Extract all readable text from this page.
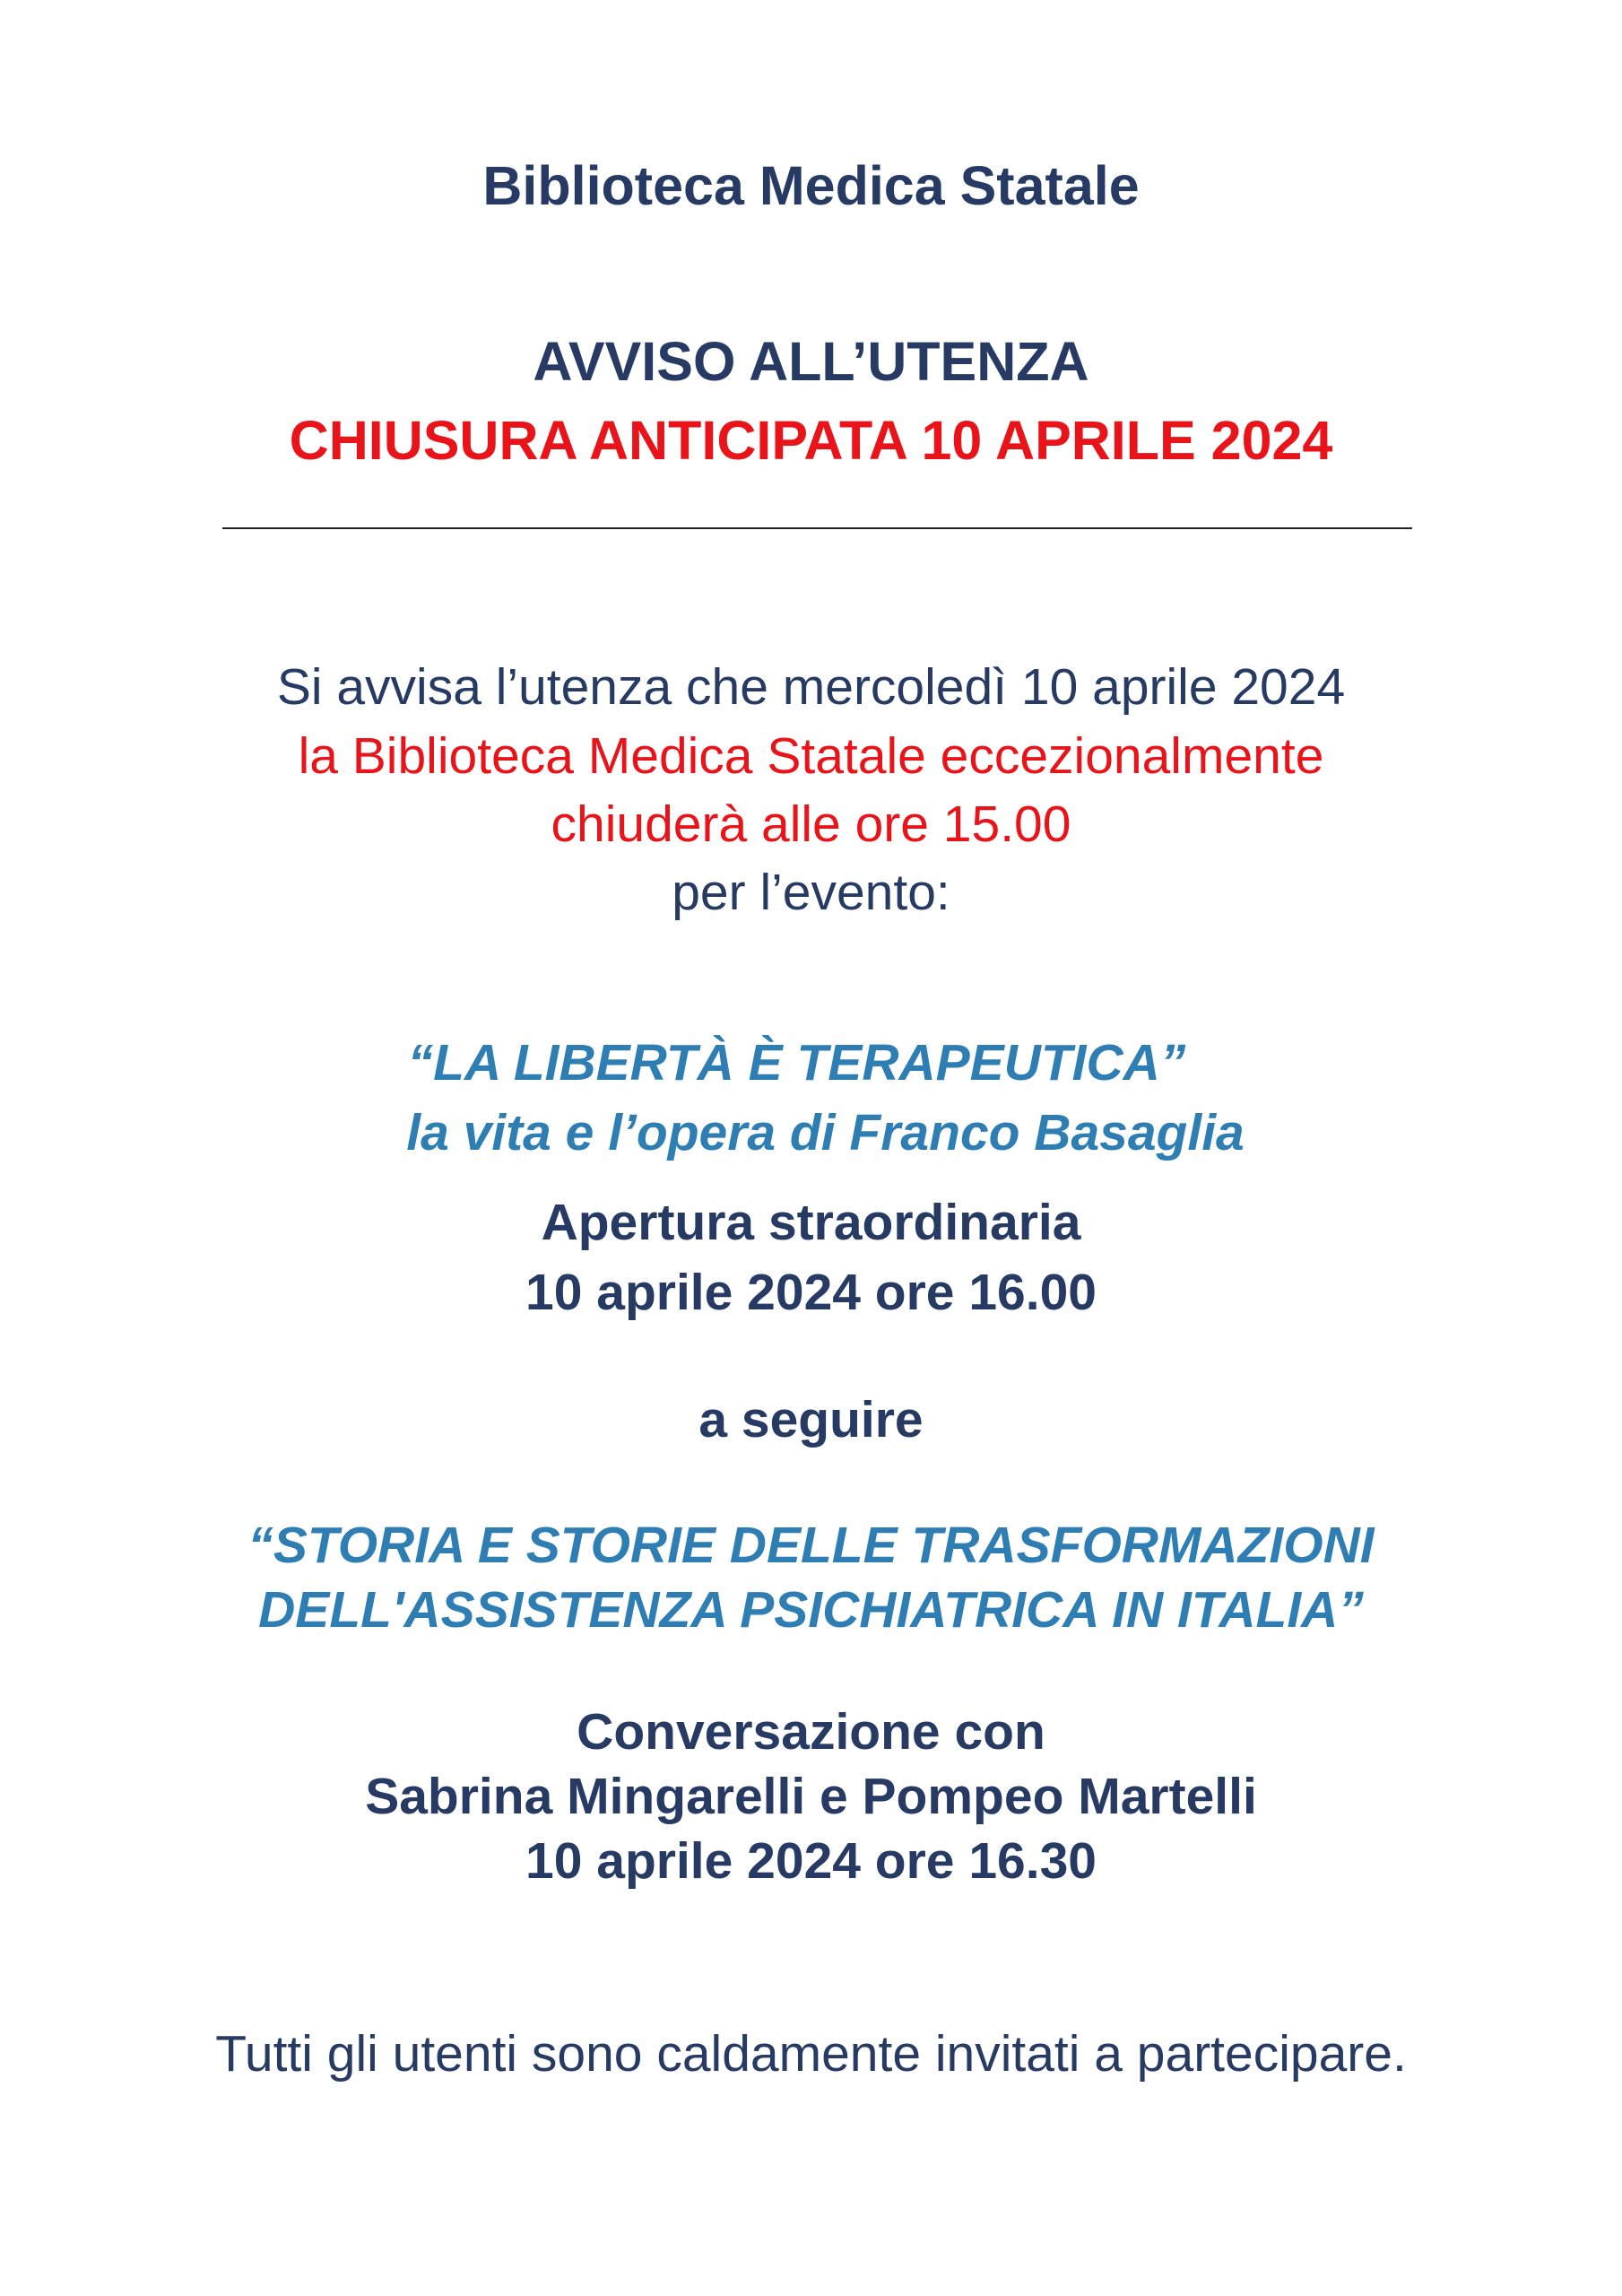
Biblioteca Medica Statale

AVVISO ALL’UTENZA

CHIUSURA ANTICIPATA 10 APRILE 2024

Si avvisa l’utenza che mercoledì 10 aprile 2024

la Biblioteca Medica Statale eccezionalmente

chiuderà alle ore 15.00

per l’evento:

“LA LIBERTÀ È TERAPEUTICA”

la vita e l’opera di Franco Basaglia

Apertura straordinaria

10 aprile 2024 ore 16.00

a seguire

“STORIA E STORIE DELLE TRASFORMAZIONI

DELL'ASSISTENZA PSICHIATRICA IN ITALIA”

Conversazione con

Sabrina Mingarelli e Pompeo Martelli

10 aprile 2024 ore 16.30

Tutti gli utenti sono caldamente invitati a partecipare.
